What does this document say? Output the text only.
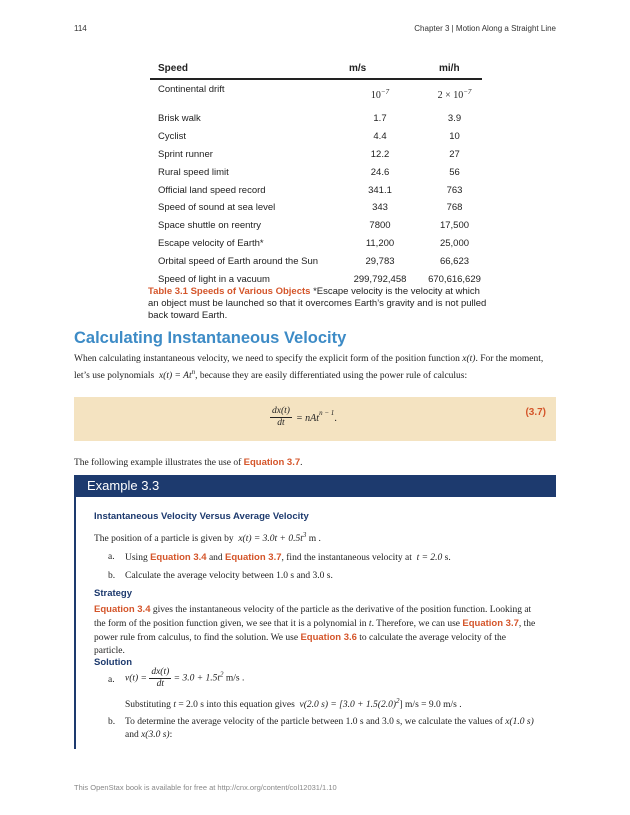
114	Chapter 3 | Motion Along a Straight Line
Speed	m/s	mi/h
Continental drift	$10^{-7}$	$2 \times 10^{-7}$
Brisk walk	1.7	3.9
Cyclist	4.4	10
Sprint runner	12.2	27
Rural speed limit	24.6	56
Official land speed record	341.1	763
Speed of sound at sea level	343	768
Space shuttle on reentry	7800	17,500
Escape velocity of Earth*	11,200	25,000
Orbital speed of Earth around the Sun	29,783	66,623
Speed of light in a vacuum	299,792,458	670,616,629
Table 3.1 Speeds of Various Objects *Escape velocity is the velocity at which an object must be launched so that it overcomes Earth’s gravity and is not pulled back toward Earth.
Calculating Instantaneous Velocity
When calculating instantaneous velocity, we need to specify the explicit form of the position function x(t). For the moment, let’s use polynomials  $x(t) = At^n$, because they are easily differentiated using the power rule of calculus:
$\frac{dx(t)}{dt} = nAt^{n - 1}$.
(3.7)
The following example illustrates the use of Equation 3.7.
Example 3.3
Instantaneous Velocity Versus Average Velocity
The position of a particle is given by  $x(t) = 3.0t + 0.5t^3$ m .
a. Using Equation 3.4 and Equation 3.7, find the instantaneous velocity at  t = 2.0 s.
b. Calculate the average velocity between 1.0 s and 3.0 s.
Strategy
Equation 3.4 gives the instantaneous velocity of the particle as the derivative of the position function. Looking at the form of the position function given, we see that it is a polynomial in t. Therefore, we can use Equation 3.7, the power rule from calculus, to find the solution. We use Equation 3.6 to calculate the average velocity of the particle.
Solution
a. $v(t) = \frac{dx(t)}{dt} = 3.0 + 1.5t^2$ m/s .
Substituting t = 2.0 s into this equation gives  v(2.0 $s) = [3.0 + 1.5(2.0)^2]$ m/s = 9.0 m/s .
b. To determine the average velocity of the particle between 1.0 s and 3.0 s, we calculate the values of x(1.0 s) and x(3.0 s):
This OpenStax book is available for free at http://cnx.org/content/col12031/1.10
